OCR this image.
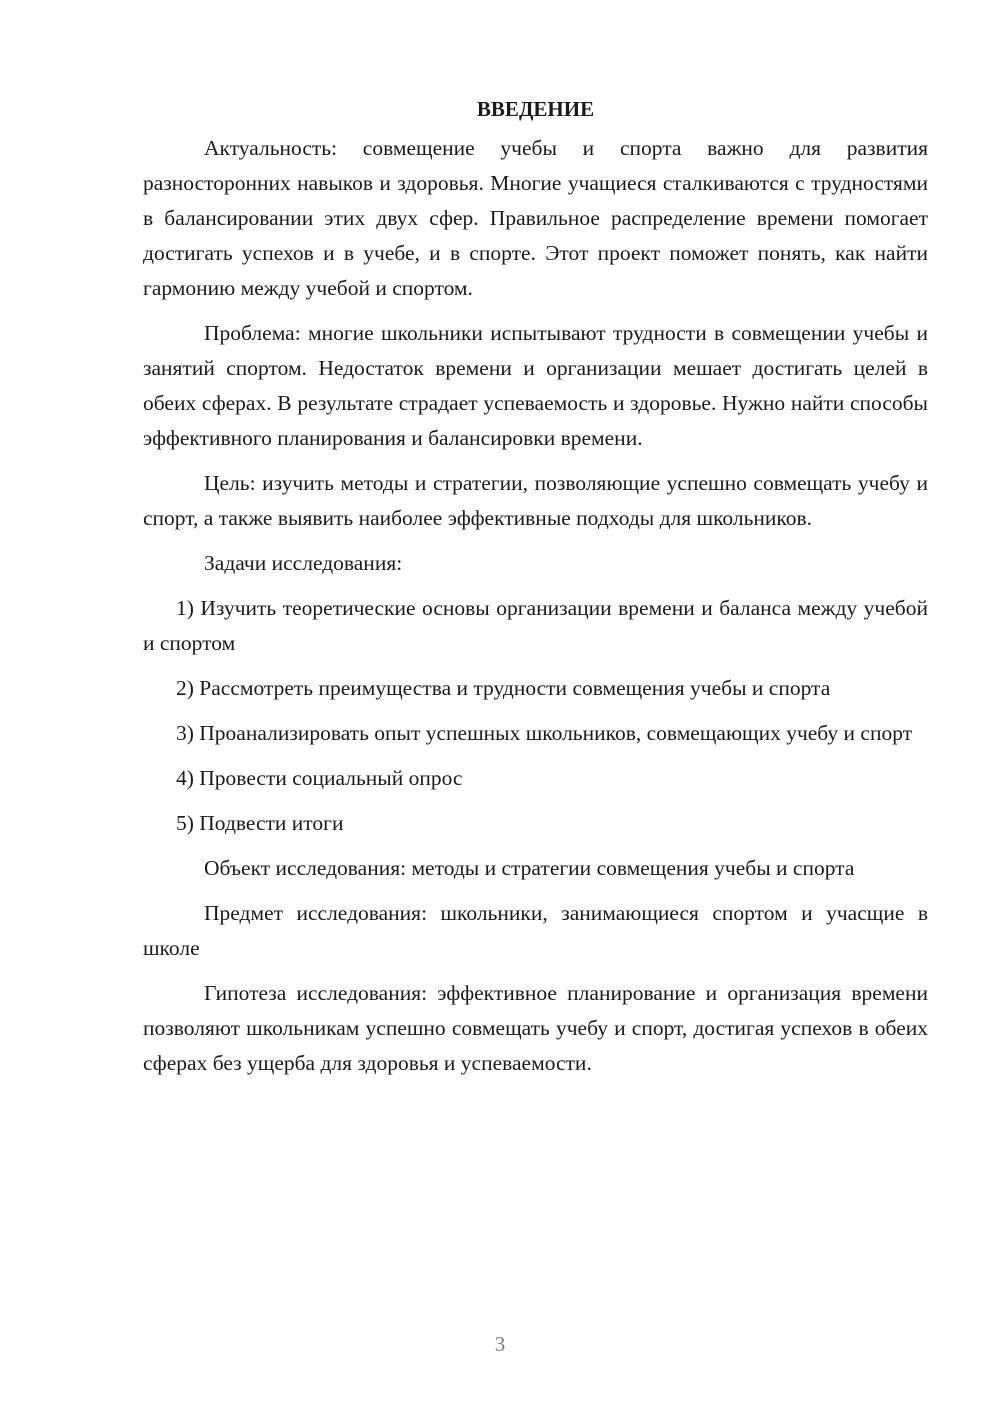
ВВЕДЕНИЕ

Актуальность: совмещение учебы и спорта важно для развития разносторонних навыков и здоровья. Многие учащиеся сталкиваются с трудностями в балансировании этих двух сфер. Правильное распределение времени помогает достигать успехов и в учебе, и в спорте. Этот проект поможет понять, как найти гармонию между учебой и спортом.

Проблема: многие школьники испытывают трудности в совмещении учебы и занятий спортом. Недостаток времени и организации мешает достигать целей в обеих сферах. В результате страдает успеваемость и здоровье. Нужно найти способы эффективного планирования и балансировки времени.

Цель: изучить методы и стратегии, позволяющие успешно совмещать учебу и спорт, а также выявить наиболее эффективные подходы для школьников.

Задачи исследования:

1) Изучить теоретические основы организации времени и баланса между учебой и спортом

2) Рассмотреть преимущества и трудности совмещения учебы и спорта

3) Проанализировать опыт успешных школьников, совмещающих учебу и спорт

4) Провести социальный опрос

5) Подвести итоги

Объект исследования: методы и стратегии совмещения учебы и спорта

Предмет исследования: школьники, занимающиеся спортом и учасщие в школе

Гипотеза исследования: эффективное планирование и организация времени позволяют школьникам успешно совмещать учебу и спорт, достигая успехов в обеих сферах без ущерба для здоровья и успеваемости.

3
